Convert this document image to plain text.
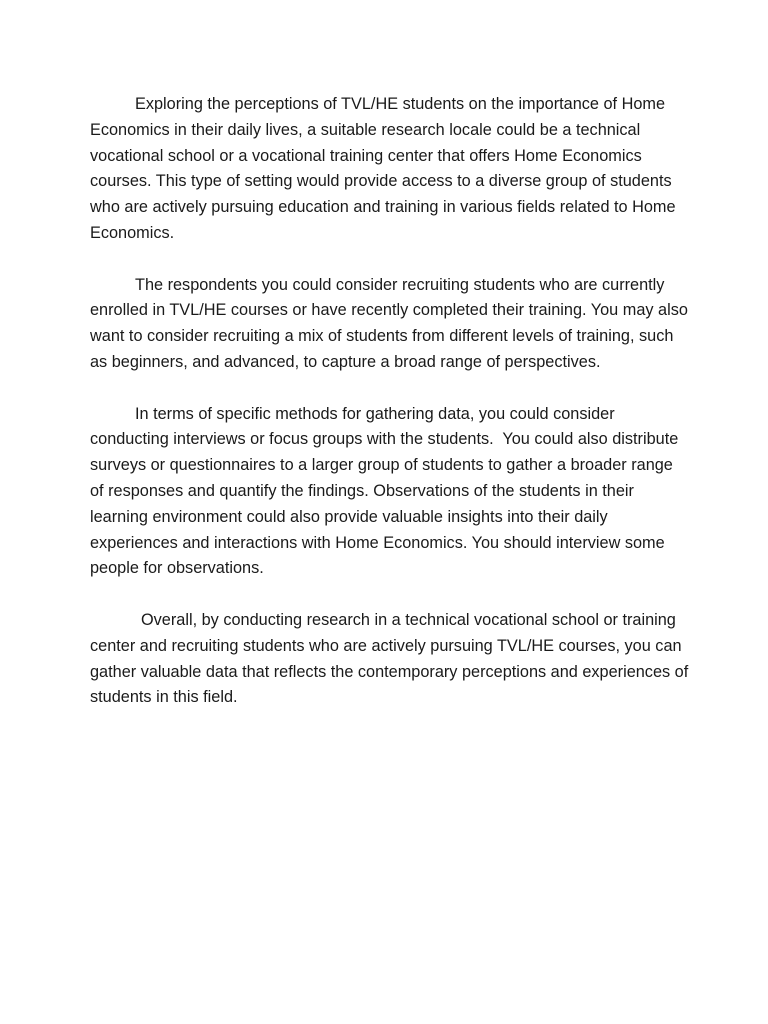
Exploring the perceptions of TVL/HE students on the importance of Home Economics in their daily lives, a suitable research locale could be a technical vocational school or a vocational training center that offers Home Economics courses. This type of setting would provide access to a diverse group of students who are actively pursuing education and training in various fields related to Home Economics.

The respondents you could consider recruiting students who are currently enrolled in TVL/HE courses or have recently completed their training. You may also want to consider recruiting a mix of students from different levels of training, such as beginners, and advanced, to capture a broad range of perspectives.

In terms of specific methods for gathering data, you could consider conducting interviews or focus groups with the students.  You could also distribute surveys or questionnaires to a larger group of students to gather a broader range of responses and quantify the findings. Observations of the students in their learning environment could also provide valuable insights into their daily experiences and interactions with Home Economics. You should interview some people for observations.

Overall, by conducting research in a technical vocational school or training center and recruiting students who are actively pursuing TVL/HE courses, you can gather valuable data that reflects the contemporary perceptions and experiences of students in this field.
